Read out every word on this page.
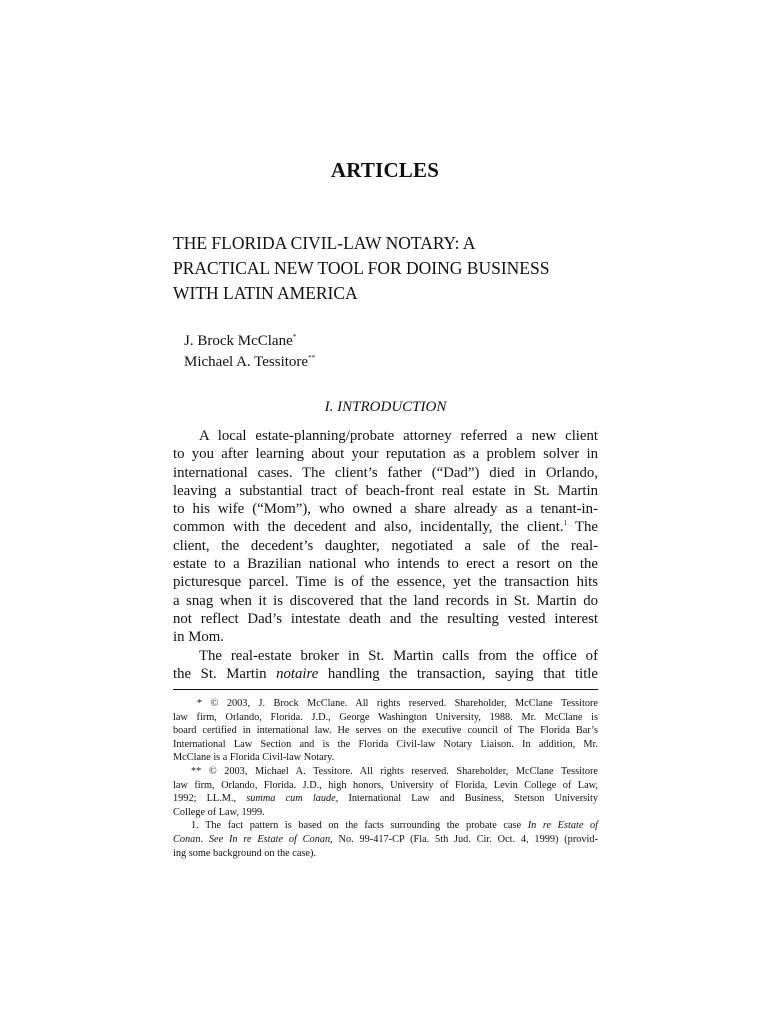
ARTICLES
THE FLORIDA CIVIL-LAW NOTARY: A
PRACTICAL NEW TOOL FOR DOING BUSINESS
WITH LATIN AMERICA
J. Brock McClane*
Michael A. Tessitore**
I. INTRODUCTION
A local estate-planning/probate attorney referred a new client
to you after learning about your reputation as a problem solver in
international cases. The client’s father (“Dad”) died in Orlando,
leaving a substantial tract of beach-front real estate in St. Martin
to his wife (“Mom”), who owned a share already as a tenant-in-
common with the decedent and also, incidentally, the client.$^1$ The
client, the decedent’s daughter, negotiated a sale of the real-
estate to a Brazilian national who intends to erect a resort on the
picturesque parcel. Time is of the essence, yet the transaction hits
a snag when it is discovered that the land records in St. Martin do
not reflect Dad’s intestate death and the resulting vested interest
in Mom.
The real-estate broker in St. Martin calls from the office of
the St. Martin notaire handling the transaction, saying that title
* © 2003, J. Brock McClane. All rights reserved. Shareholder, McClane Tessitore
law firm, Orlando, Florida. J.D., George Washington University, 1988. Mr. McClane is
board certified in international law. He serves on the executive council of The Florida Bar’s
International Law Section and is the Florida Civil-law Notary Liaison. In addition, Mr.
McClane is a Florida Civil-law Notary.
** © 2003, Michael A. Tessitore. All rights reserved. Shareholder, McClane Tessitore
law firm, Orlando, Florida. J.D., high honors, University of Florida, Levin College of Law,
1992; LL.M., summa cum laude, International Law and Business, Stetson University
College of Law, 1999.
1. The fact pattern is based on the facts surrounding the probate case In re Estate of
Conan. See In re Estate of Conan, No. 99-417-CP (Fla. 5th Jud. Cir. Oct. 4, 1999) (provid-
ing some background on the case).
